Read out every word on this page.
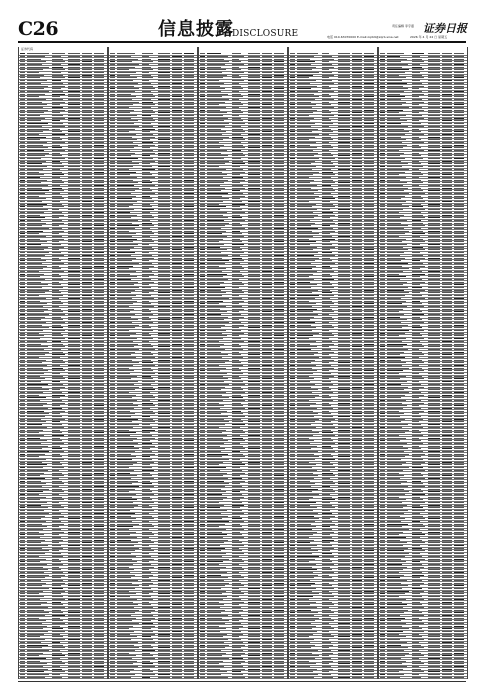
C26	信息披露
DISCLOSURE
责任编辑 李宇嘉
电话 010-63070000 E-mail:zqrb9@zqrb.sina.net
证券日报
2026 年 4 月 24 日 星期五
证券代码
